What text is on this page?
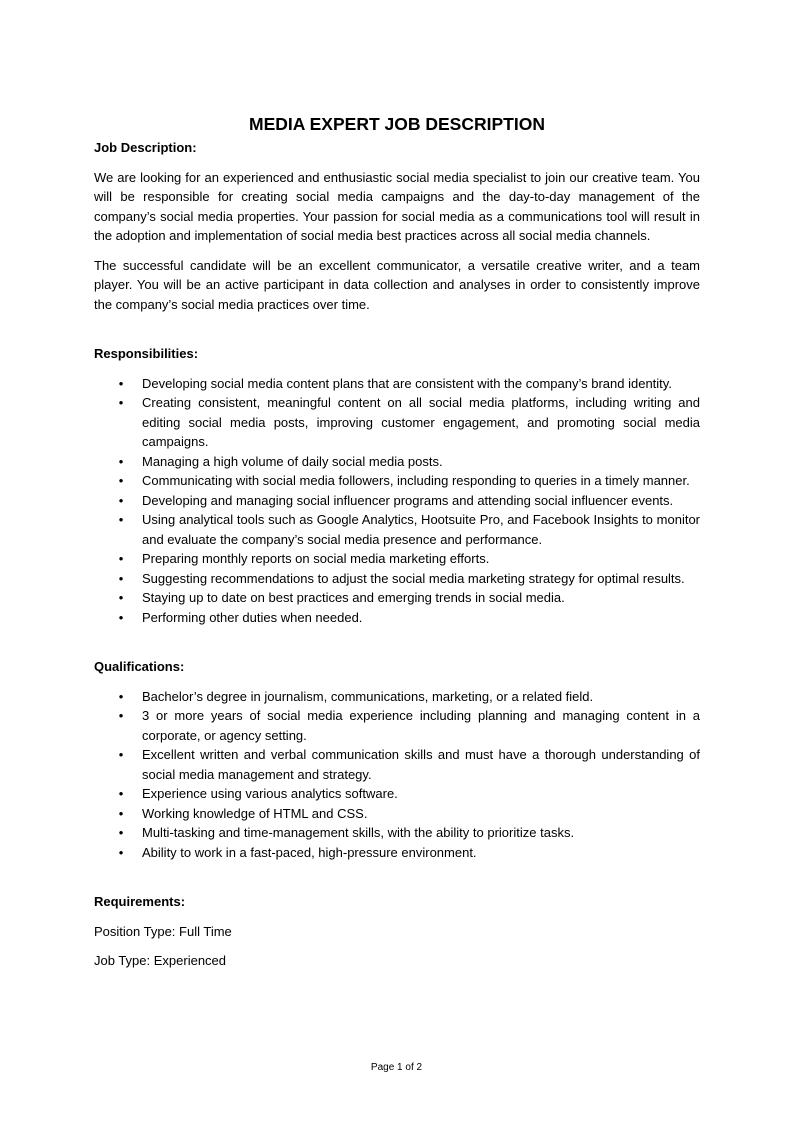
MEDIA EXPERT JOB DESCRIPTION

Job Description:

We are looking for an experienced and enthusiastic social media specialist to join our creative team. You will be responsible for creating social media campaigns and the day-to-day management of the company’s social media properties. Your passion for social media as a communications tool will result in the adoption and implementation of social media best practices across all social media channels.

The successful candidate will be an excellent communicator, a versatile creative writer, and a team player. You will be an active participant in data collection and analyses in order to consistently improve the company’s social media practices over time.

Responsibilities:

• Developing social media content plans that are consistent with the company’s brand identity.
• Creating consistent, meaningful content on all social media platforms, including writing and editing social media posts, improving customer engagement, and promoting social media campaigns.
• Managing a high volume of daily social media posts.
• Communicating with social media followers, including responding to queries in a timely manner.
• Developing and managing social influencer programs and attending social influencer events.
• Using analytical tools such as Google Analytics, Hootsuite Pro, and Facebook Insights to monitor and evaluate the company’s social media presence and performance.
• Preparing monthly reports on social media marketing efforts.
• Suggesting recommendations to adjust the social media marketing strategy for optimal results.
• Staying up to date on best practices and emerging trends in social media.
• Performing other duties when needed.

Qualifications:

• Bachelor’s degree in journalism, communications, marketing, or a related field.
• 3 or more years of social media experience including planning and managing content in a corporate, or agency setting.
• Excellent written and verbal communication skills and must have a thorough understanding of social media management and strategy.
• Experience using various analytics software.
• Working knowledge of HTML and CSS.
• Multi-tasking and time-management skills, with the ability to prioritize tasks.
• Ability to work in a fast-paced, high-pressure environment.

Requirements:

Position Type: Full Time

Job Type: Experienced

Page 1 of 2
